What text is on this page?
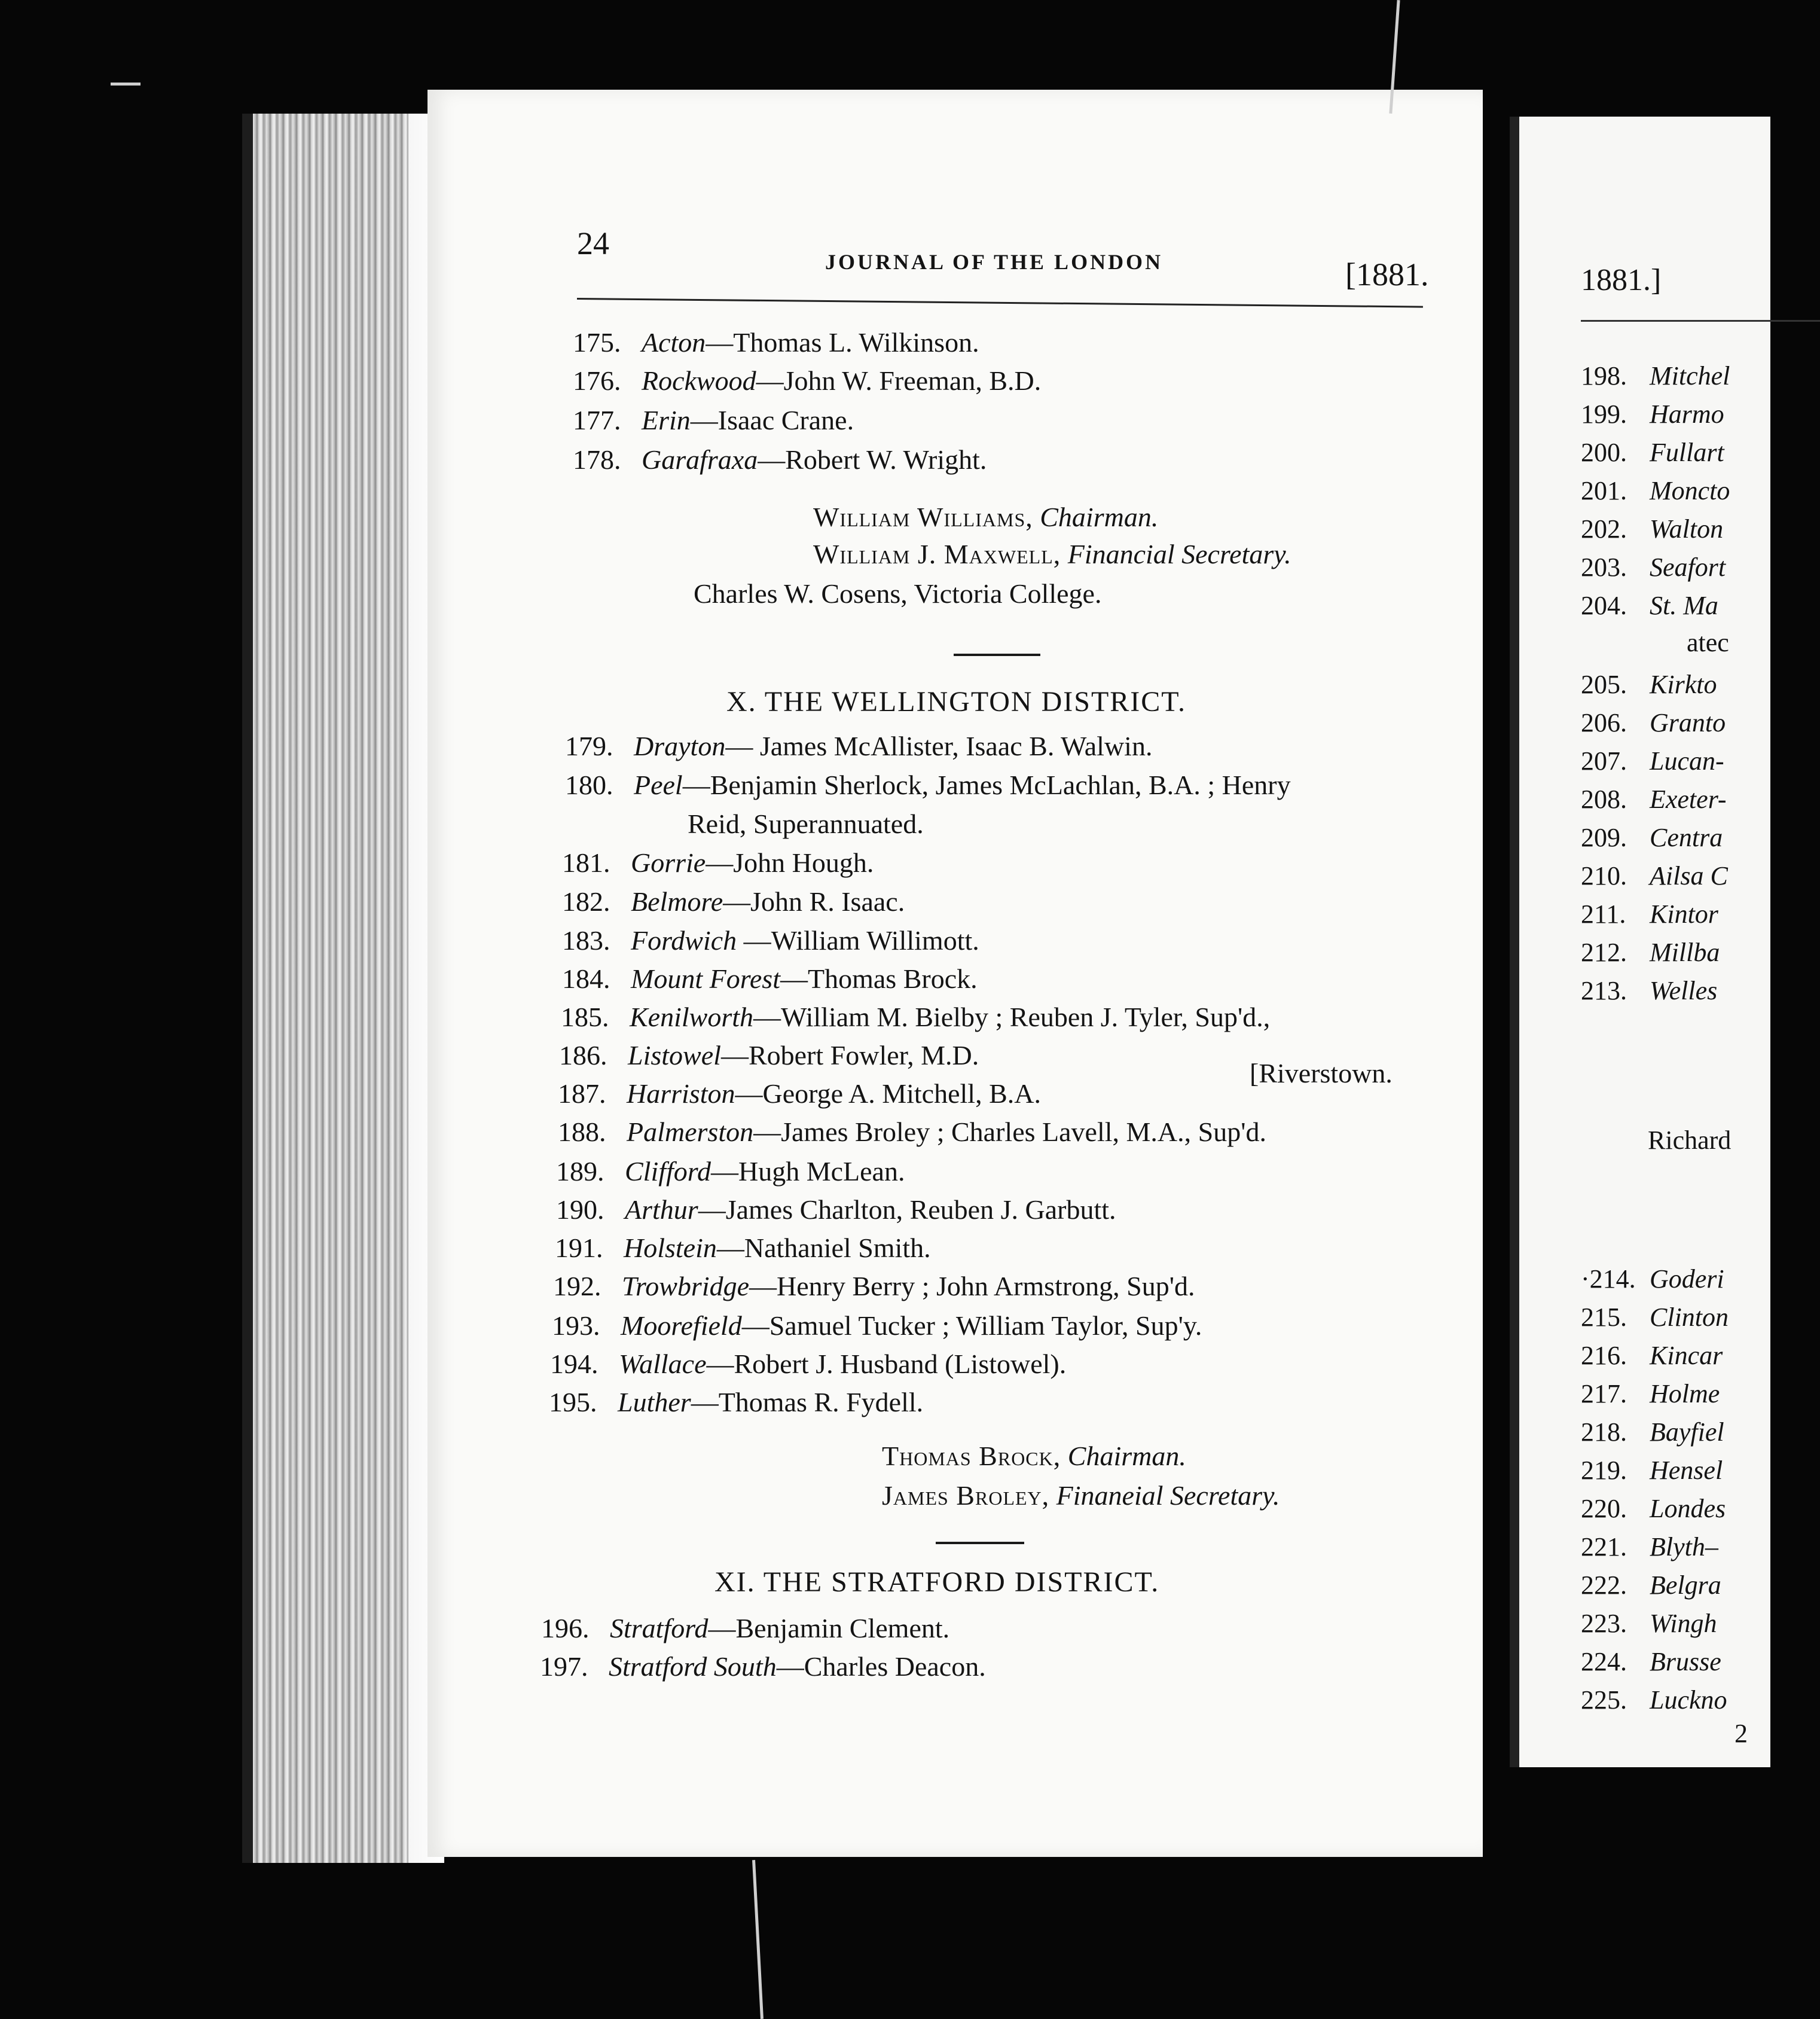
24
JOURNAL OF THE LONDON	[1881.
175. Acton—Thomas L. Wilkinson.
176. Rockwood—John W. Freeman, B.D.
177. Erin—Isaac Crane.
178. Garafraxa—Robert W. Wright.
William Williams, Chairman.
William J. Maxwell, Financial Secretary.
Charles W. Cosens, Victoria College.
X. THE WELLINGTON DISTRICT.
179. Drayton— James McAllister, Isaac B. Walwin.
180. Peel—Benjamin Sherlock, James McLachlan, B.A. ; Henry
Reid, Superannuated.
181. Gorrie—John Hough.
182. Belmore—John R. Isaac.
183. Fordwich —William Willimott.
184. Mount Forest—Thomas Brock.
185. Kenilworth—William M. Bielby ; Reuben J. Tyler, Sup'd.,
186. Listowel—Robert Fowler, M.D.
[Riverstown.
187. Harriston—George A. Mitchell, B.A.
188. Palmerston—James Broley ; Charles Lavell, M.A., Sup'd.
189. Clifford—Hugh McLean.
190. Arthur—James Charlton, Reuben J. Garbutt.
191. Holstein—Nathaniel Smith.
192. Trowbridge—Henry Berry ; John Armstrong, Sup'd.
193. Moorefield—Samuel Tucker ; William Taylor, Sup'y.
194. Wallace—Robert J. Husband (Listowel).
195. Luther—Thomas R. Fydell.
Thomas Brock, Chairman.
James Broley, Finaneial Secretary.
XI. THE STRATFORD DISTRICT.
196. Stratford—Benjamin Clement.
197. Stratford South—Charles Deacon.
1881.]
198. Mitchel
199. Harmo
200. Fullart
201. Moncto
202. Walton
203. Seafort
204. St. Ma
atec
205. Kirkto
206. Granto
207. Lucan-
208. Exeter-
209. Centra
210. Ailsa C
211. Kintor
212. Millba
213. Welles
Richard
·214. Goderi
215. Clinton
216. Kincar
217. Holme
218. Bayfiel
219. Hensel
220. Londes
221. Blyth–
222. Belgra
223. Wingh
224. Brusse
225. Luckno
2
